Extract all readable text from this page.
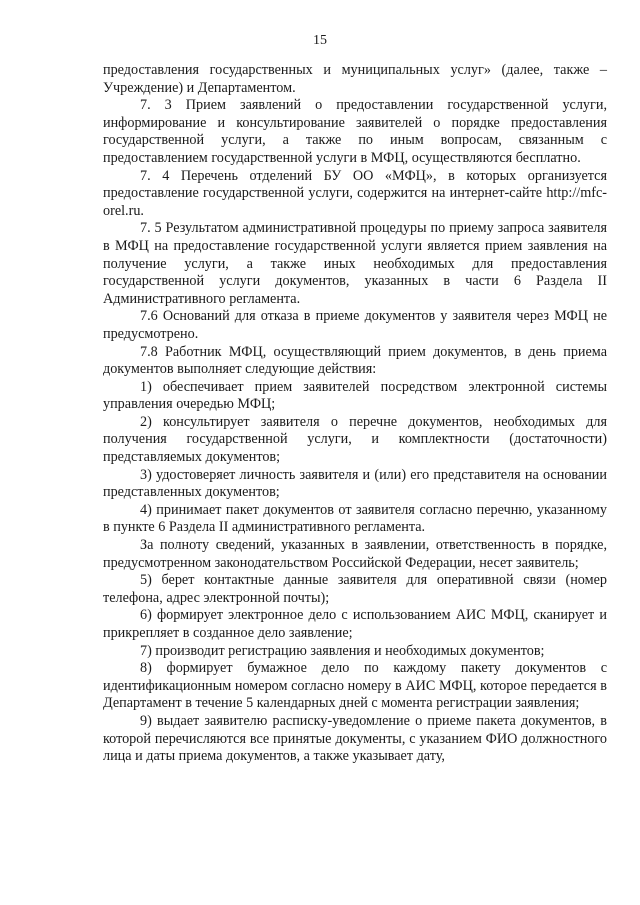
15

предоставления государственных и муниципальных услуг» (далее, также – Учреждение) и Департаментом.

7. 3 Прием заявлений о предоставлении государственной услуги, информирование и консультирование заявителей о порядке предоставления государственной услуги, а также по иным вопросам, связанным с предоставлением государственной услуги в МФЦ, осуществляются бесплатно.

7. 4 Перечень отделений БУ ОО «МФЦ», в которых организуется предоставление государственной услуги, содержится на интернет-сайте http://mfc-orel.ru.

7. 5 Результатом административной процедуры по приему запроса заявителя в МФЦ на предоставление государственной услуги является прием заявления на получение услуги, а также иных необходимых для предоставления государственной услуги документов, указанных в части 6 Раздела II Административного регламента.

7.6 Оснований для отказа в приеме документов у заявителя через МФЦ не предусмотрено.

7.8 Работник МФЦ, осуществляющий прием документов, в день приема документов выполняет следующие действия:

1) обеспечивает прием заявителей посредством электронной системы управления очередью МФЦ;

2) консультирует заявителя о перечне документов, необходимых для получения государственной услуги, и комплектности (достаточности) представляемых документов;

3) удостоверяет личность заявителя и (или) его представителя на основании представленных документов;

4) принимает пакет документов от заявителя согласно перечню, указанному в пункте 6 Раздела II административного регламента.

За полноту сведений, указанных в заявлении, ответственность в порядке, предусмотренном законодательством Российской Федерации, несет заявитель;

5) берет контактные данные заявителя для оперативной связи (номер телефона, адрес электронной почты);

6) формирует электронное дело с использованием АИС МФЦ, сканирует и прикрепляет в созданное дело заявление;

7) производит регистрацию заявления и необходимых документов;

8) формирует бумажное дело по каждому пакету документов с идентификационным номером согласно номеру в АИС МФЦ, которое передается в Департамент в течение 5 календарных дней с момента регистрации заявления;

9) выдает заявителю расписку-уведомление о приеме пакета документов, в которой перечисляются все принятые документы, с указанием ФИО должностного лица и даты приема документов, а также указывает дату,
